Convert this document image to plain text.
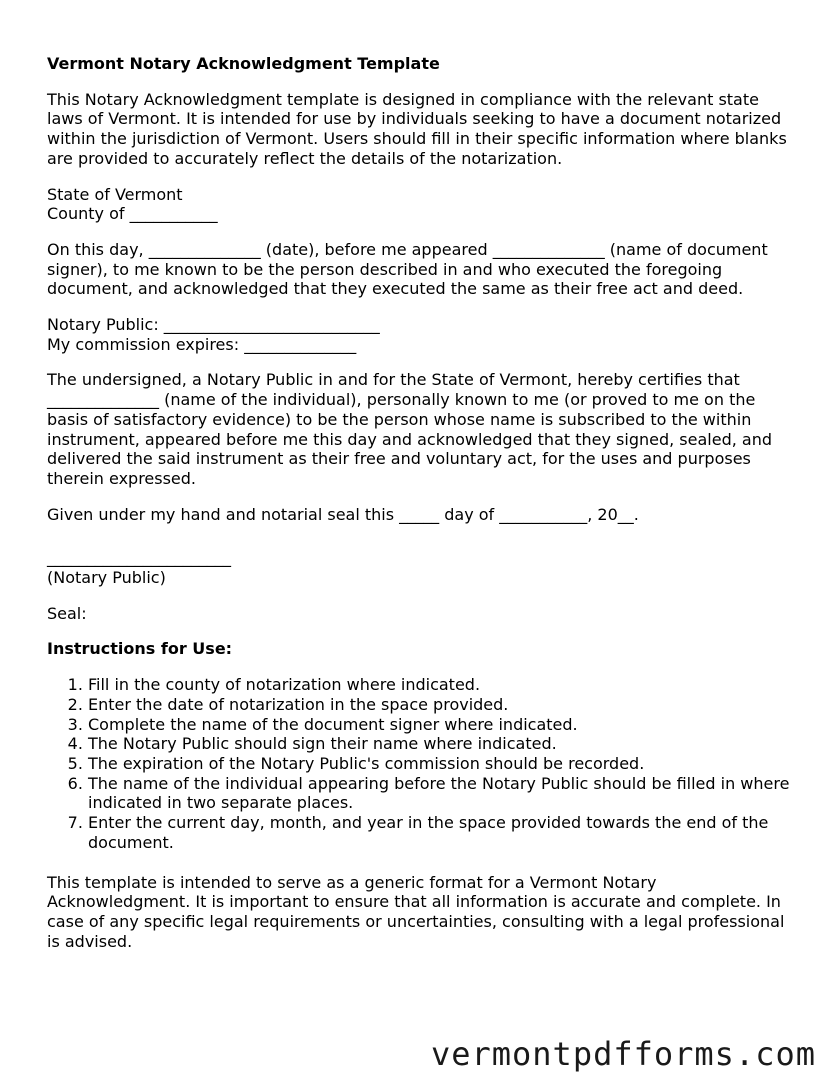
Vermont Notary Acknowledgment Template

This Notary Acknowledgment template is designed in compliance with the relevant state laws of Vermont. It is intended for use by individuals seeking to have a document notarized within the jurisdiction of Vermont. Users should fill in their specific information where blanks are provided to accurately reflect the details of the notarization.

State of Vermont
County of ___________

On this day, ______________ (date), before me appeared ______________ (name of document signer), to me known to be the person described in and who executed the foregoing document, and acknowledged that they executed the same as their free act and deed.

Notary Public: ___________________________
My commission expires: ______________

The undersigned, a Notary Public in and for the State of Vermont, hereby certifies that ______________ (name of the individual), personally known to me (or proved to me on the basis of satisfactory evidence) to be the person whose name is subscribed to the within instrument, appeared before me this day and acknowledged that they signed, sealed, and delivered the said instrument as their free and voluntary act, for the uses and purposes therein expressed.

Given under my hand and notarial seal this _____ day of ___________, 20__.

_______________________
(Notary Public)

Seal:

Instructions for Use:
1. Fill in the county of notarization where indicated.
2. Enter the date of notarization in the space provided.
3. Complete the name of the document signer where indicated.
4. The Notary Public should sign their name where indicated.
5. The expiration of the Notary Public's commission should be recorded.
6. The name of the individual appearing before the Notary Public should be filled in where indicated in two separate places.
7. Enter the current day, month, and year in the space provided towards the end of the document.

This template is intended to serve as a generic format for a Vermont Notary Acknowledgment. It is important to ensure that all information is accurate and complete. In case of any specific legal requirements or uncertainties, consulting with a legal professional is advised.

vermontpdfforms.com
